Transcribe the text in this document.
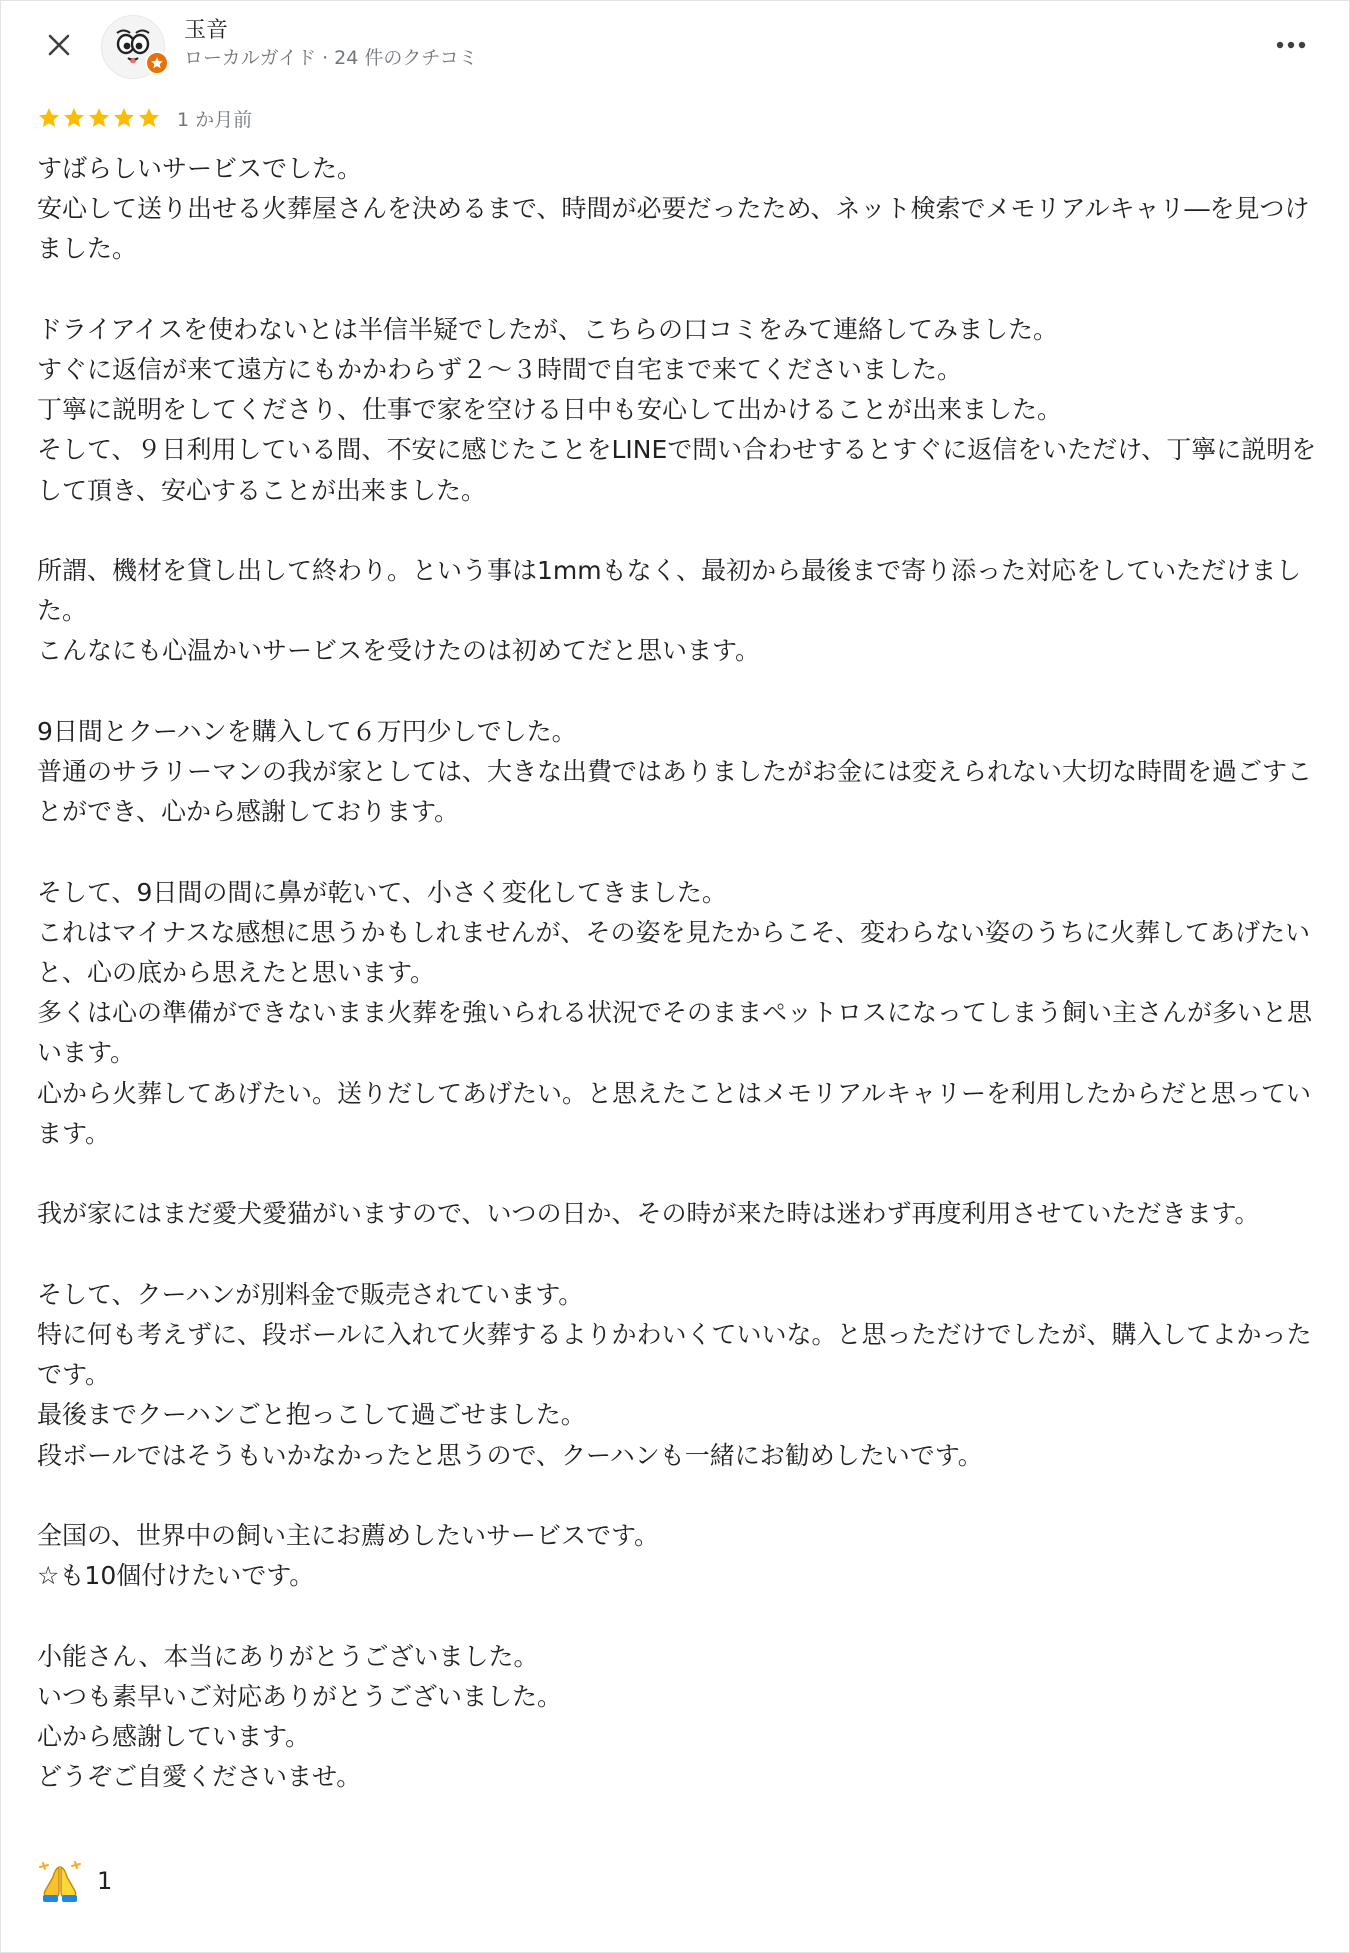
玉音
ローカルガイド · 24 件のクチコミ
1 か月前

すばらしいサービスでした。
安心して送り出せる火葬屋さんを決めるまで、時間が必要だったため、ネット検索でメモリアルキャリ―を見つけました。

ドライアイスを使わないとは半信半疑でしたが、こちらの口コミをみて連絡してみました。
すぐに返信が来て遠方にもかかわらず２〜３時間で自宅まで来てくださいました。
丁寧に説明をしてくださり、仕事で家を空ける日中も安心して出かけることが出来ました。
そして、９日利用している間、不安に感じたことをLINEで問い合わせするとすぐに返信をいただけ、丁寧に説明をして頂き、安心することが出来ました。

所謂、機材を貸し出して終わり。という事は1mmもなく、最初から最後まで寄り添った対応をしていただけました。
こんなにも心温かいサービスを受けたのは初めてだと思います。

9日間とクーハンを購入して６万円少しでした。
普通のサラリーマンの我が家としては、大きな出費ではありましたがお金には変えられない大切な時間を過ごすことができ、心から感謝しております。

そして、9日間の間に鼻が乾いて、小さく変化してきました。
これはマイナスな感想に思うかもしれませんが、その姿を見たからこそ、変わらない姿のうちに火葬してあげたいと、心の底から思えたと思います。
多くは心の準備ができないまま火葬を強いられる状況でそのままペットロスになってしまう飼い主さんが多いと思います。
心から火葬してあげたい。送りだしてあげたい。と思えたことはメモリアルキャリーを利用したからだと思っています。

我が家にはまだ愛犬愛猫がいますので、いつの日か、その時が来た時は迷わず再度利用させていただきます。

そして、クーハンが別料金で販売されています。
特に何も考えずに、段ボールに入れて火葬するよりかわいくていいな。と思っただけでしたが、購入してよかったです。
最後までクーハンごと抱っこして過ごせました。
段ボールではそうもいかなかったと思うので、クーハンも一緒にお勧めしたいです。

全国の、世界中の飼い主にお薦めしたいサービスです。
☆も10個付けたいです。

小能さん、本当にありがとうございました。
いつも素早いご対応ありがとうございました。
心から感謝しています。
どうぞご自愛くださいませ。

1
